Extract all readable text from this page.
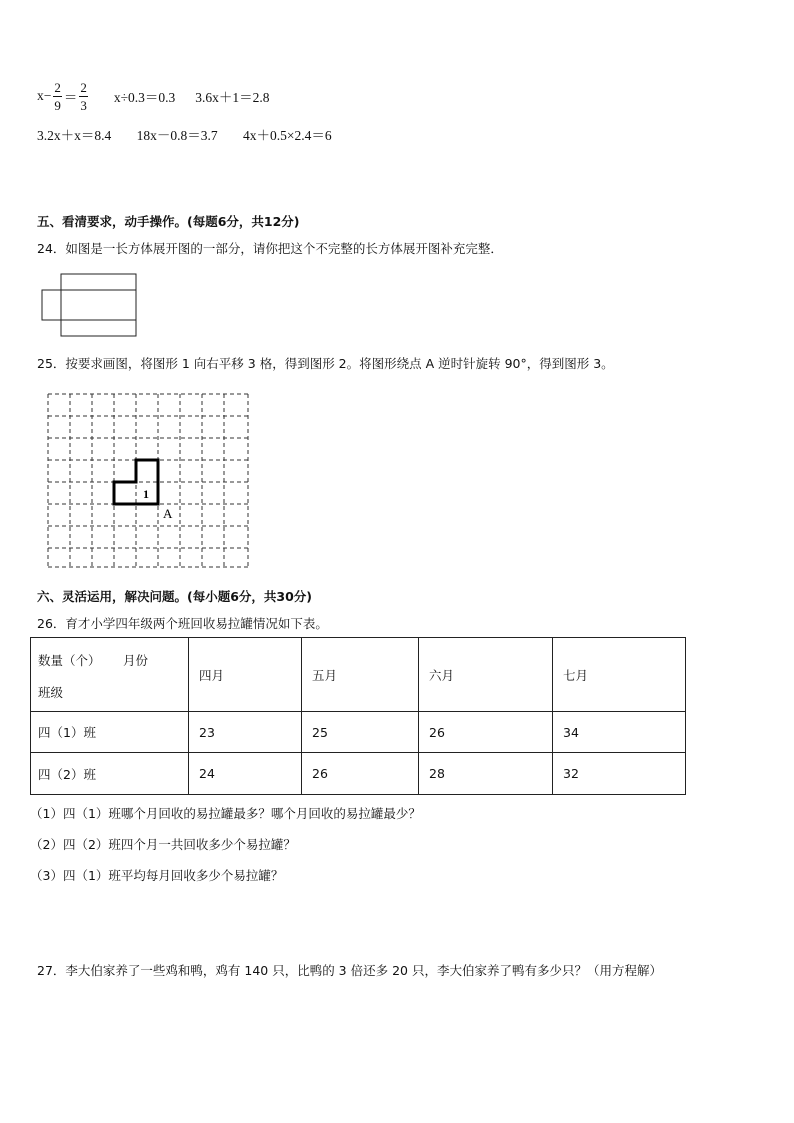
$x- \frac{2}{9} = \frac{2}{3} x\div 0.3=0.3$ 3.6x＋1＝2.8
3.2x＋x＝8.4 18x－0.8＝3.7 4x＋0.5×2.4＝6
五、看清要求，动手操作。(每题6分，共12分)
24．如图是一长方体展开图的一部分，请你把这个不完整的长方体展开图补充完整．
25．按要求画图，将图形 1 向右平移 3 格，得到图形 2。将图形绕点 A 逆时针旋转 90°，得到图形 3。
1
A
六、灵活运用，解决问题。(每小题6分，共30分)
26．育才小学四年级两个班回收易拉罐情况如下表。
数量（个） 月份
班级	四月	五月	六月	七月
四（1）班	23	25	26	34
四（2）班	24	26	28	32
（1）四（1）班哪个月回收的易拉罐最多？哪个月回收的易拉罐最少？
（2）四（2）班四个月一共回收多少个易拉罐？
（3）四（1）班平均每月回收多少个易拉罐？
27．李大伯家养了一些鸡和鸭，鸡有 140 只，比鸭的 3 倍还多 20 只，李大伯家养了鸭有多少只？（用方程解）
